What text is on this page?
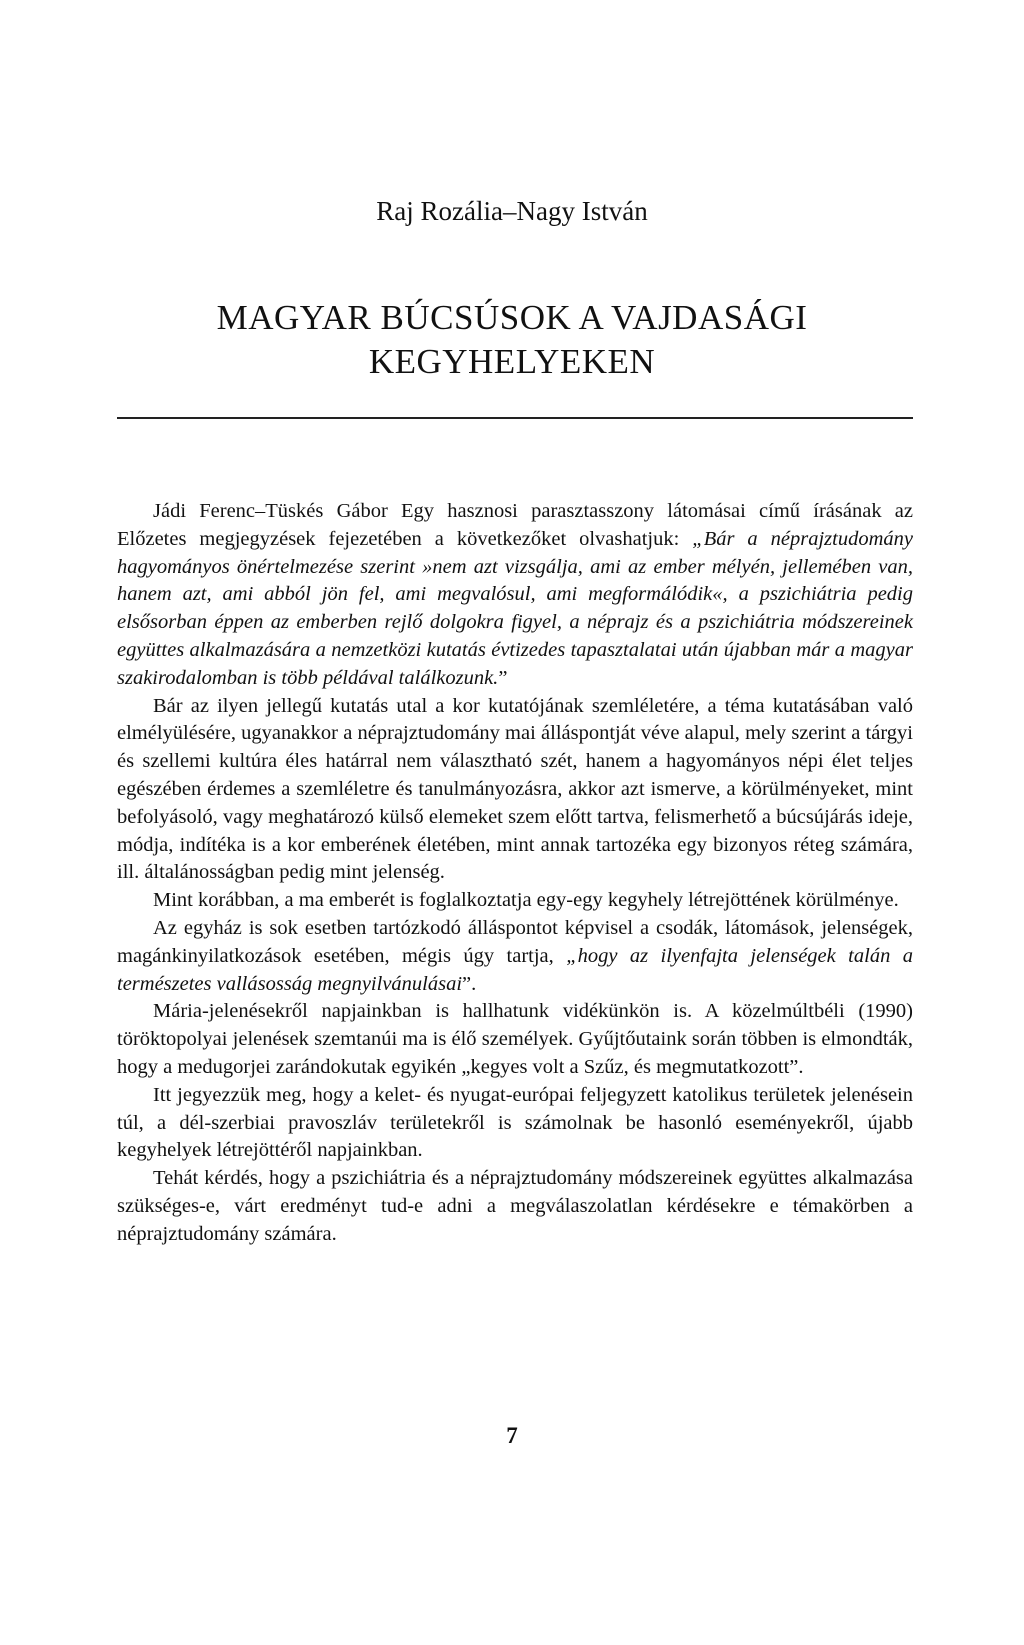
Raj Rozália–Nagy István
MAGYAR BÚCSÚSOK A VAJDASÁGI
KEGYHELYEKEN

Jádi Ferenc–Tüskés Gábor Egy hasznosi parasztasszony látomásai című írásának az Előzetes megjegyzések fejezetében a következőket olvashatjuk: „Bár a néprajztudomány hagyományos önértelmezése szerint »nem azt vizsgálja, ami az ember mélyén, jellemében van, hanem azt, ami abból jön fel, ami megvalósul, ami megformálódik«, a pszichiátria pedig elsősorban éppen az emberben rejlő dolgokra figyel, a néprajz és a pszichiátria módszereinek együttes alkalmazására a nemzetközi kutatás évtizedes tapasztalatai után újabban már a magyar szakirodalomban is több példával találkozunk.”

Bár az ilyen jellegű kutatás utal a kor kutatójának szemléletére, a téma kutatásában való elmélyülésére, ugyanakkor a néprajztudomány mai álláspontját véve alapul, mely szerint a tárgyi és szellemi kultúra éles határral nem választható szét, hanem a hagyományos népi élet teljes egészében érdemes a szemléletre és tanulmányozásra, akkor azt ismerve, a körülményeket, mint befolyásoló, vagy meghatározó külső elemeket szem előtt tartva, felismerhető a búcsújárás ideje, módja, indítéka is a kor emberének életében, mint annak tartozéka egy bizonyos réteg számára, ill. általánosságban pedig mint jelenség.

Mint korábban, a ma emberét is foglalkoztatja egy-egy kegyhely létrejöttének körülménye.

Az egyház is sok esetben tartózkodó álláspontot képvisel a csodák, látomások, jelenségek, magánkinyilatkozások esetében, mégis úgy tartja, „hogy az ilyenfajta jelenségek talán a természetes vallásosság megnyilvánulásai”.

Mária-jelenésekről napjainkban is hallhatunk vidékünkön is. A közelmúltbéli (1990) töröktopolyai jelenések szemtanúi ma is élő személyek. Gyűjtőutaink során többen is elmondták, hogy a medugorjei zarándokutak egyikén „kegyes volt a Szűz, és megmutatkozott”.

Itt jegyezzük meg, hogy a kelet- és nyugat-európai feljegyzett katolikus területek jelenésein túl, a dél-szerbiai pravoszláv területekről is számolnak be hasonló eseményekről, újabb kegyhelyek létrejöttéről napjainkban.

Tehát kérdés, hogy a pszichiátria és a néprajztudomány módszereinek együttes alkalmazása szükséges-e, várt eredményt tud-e adni a megválaszolatlan kérdésekre e témakörben a néprajztudomány számára.

7
